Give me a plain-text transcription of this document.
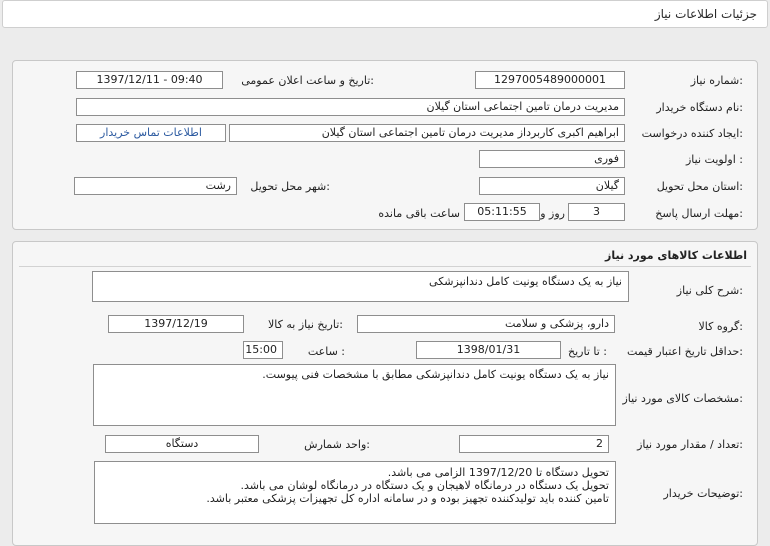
جزئیات اطلاعات نیاز
شماره نیاز:
1297005489000001
تاریخ و ساعت اعلان عمومی:
1397/12/11 - 09:40
نام دستگاه خریدار:
مدیریت درمان تامین اجتماعی استان گیلان
ایجاد کننده درخواست:
ابراهیم اکبری کاربرداز مدیریت درمان تامین اجتماعی استان گیلان
اطلاعات تماس خریدار
اولویت نیاز :
فوری
استان محل تحویل:
گیلان
شهر محل تحویل:
رشت
مهلت ارسال پاسخ:
3
روز و
05:11:55
ساعت باقی مانده
اطلاعات کالاهای مورد نیاز
شرح کلی نیاز:
نیاز به یک دستگاه یونیت کامل دندانپزشکی
گروه کالا:
دارو، پزشکی و سلامت
تاریخ نیاز به کالا:
1397/12/19
حداقل تاریخ اعتبار قیمت:
تا تاریخ :
1398/01/31
ساعت :
15:00
مشخصات کالای مورد نیاز:
نیاز به یک دستگاه یونیت کامل دندانپزشکی مطابق با مشخصات فنی پیوست.
تعداد / مقدار مورد نیاز:
2
واحد شمارش:
دستگاه
توضیحات خریدار:
تحویل دستگاه تا 1397/12/20 الزامی می باشد.
تحویل یک دستگاه در درمانگاه لاهیجان و یک دستگاه در درمانگاه لوشان می باشد.
تامین کننده باید تولیدکننده تجهیز بوده و در سامانه اداره کل تجهیزات پزشکی معتبر باشد.
